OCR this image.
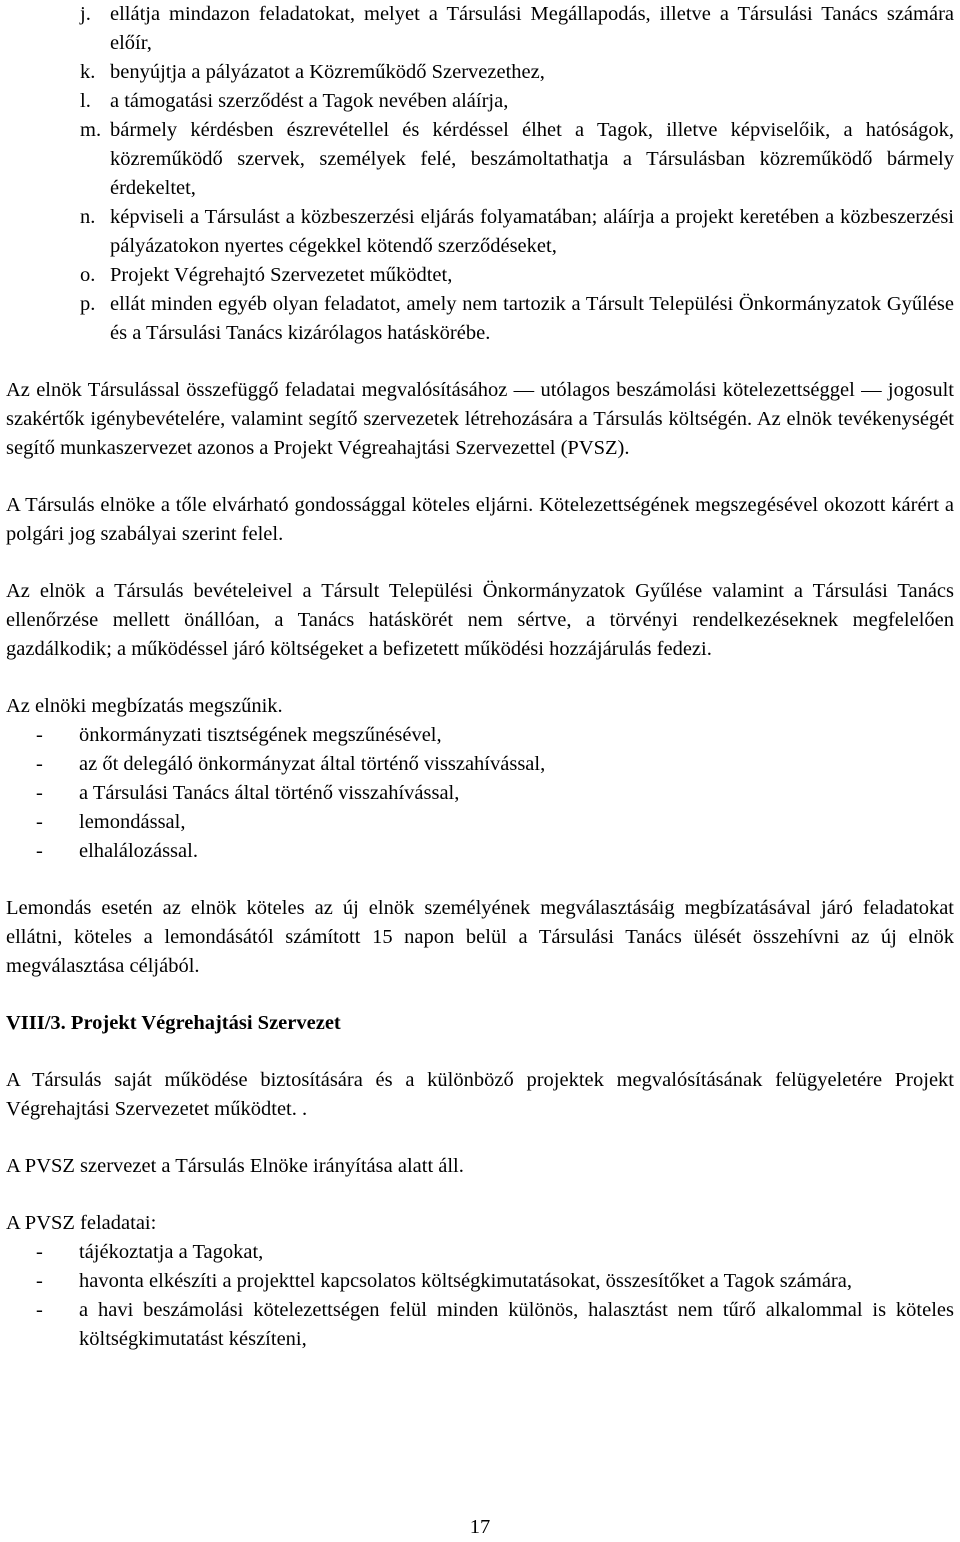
j. ellátja mindazon feladatokat, melyet a Társulási Megállapodás, illetve a Társulási Tanács számára előír,
k. benyújtja a pályázatot a Közreműködő Szervezethez,
l. a támogatási szerződést a Tagok nevében aláírja,
m. bármely kérdésben észrevétellel és kérdéssel élhet a Tagok, illetve képviselőik, a hatóságok, közreműködő szervek, személyek felé, beszámoltathatja a Társulásban közreműködő bármely érdekeltet,
n. képviseli a Társulást a közbeszerzési eljárás folyamatában; aláírja a projekt keretében a közbeszerzési pályázatokon nyertes cégekkel kötendő szerződéseket,
o. Projekt Végrehajtó Szervezetet működtet,
p. ellát minden egyéb olyan feladatot, amely nem tartozik a Társult Települési Önkormányzatok Gyűlése és a Társulási Tanács kizárólagos hatáskörébe.

Az elnök Társulással összefüggő feladatai megvalósításához ― utólagos beszámolási kötelezettséggel ― jogosult szakértők igénybevételére, valamint segítő szervezetek létrehozására a Társulás költségén. Az elnök tevékenységét segítő munkaszervezet azonos a Projekt Végreahajtási Szervezettel (PVSZ).

A Társulás elnöke a tőle elvárható gondossággal köteles eljárni. Kötelezettségének megszegésével okozott kárért a polgári jog szabályai szerint felel.

Az elnök a Társulás bevételeivel a Társult Települési Önkormányzatok Gyűlése valamint a Társulási Tanács ellenőrzése mellett önállóan, a Tanács hatáskörét nem sértve, a törvényi rendelkezéseknek megfelelően gazdálkodik; a működéssel járó költségeket a befizetett működési hozzájárulás fedezi.

Az elnöki megbízatás megszűnik.

-	önkormányzati tisztségének megszűnésével,
-	az őt delegáló önkormányzat által történő visszahívással,
-	a Társulási Tanács által történő visszahívással,
-	lemondással,
-	elhalálozással.

Lemondás esetén az elnök köteles az új elnök személyének megválasztásáig megbízatásával járó feladatokat ellátni, köteles a lemondásától számított 15 napon belül a Társulási Tanács ülését összehívni az új elnök megválasztása céljából.

VIII/3. Projekt Végrehajtási Szervezet

A Társulás saját működése biztosítására és a különböző projektek megvalósításának felügyeletére Projekt Végrehajtási Szervezetet működtet. .

A PVSZ szervezet a Társulás Elnöke irányítása alatt áll.

A PVSZ feladatai:

-	tájékoztatja a Tagokat,
-	havonta elkészíti a projekttel kapcsolatos költségkimutatásokat, összesítőket a Tagok számára,
-	a havi beszámolási kötelezettségen felül minden különös, halasztást nem tűrő alkalommal is köteles költségkimutatást készíteni,
17
